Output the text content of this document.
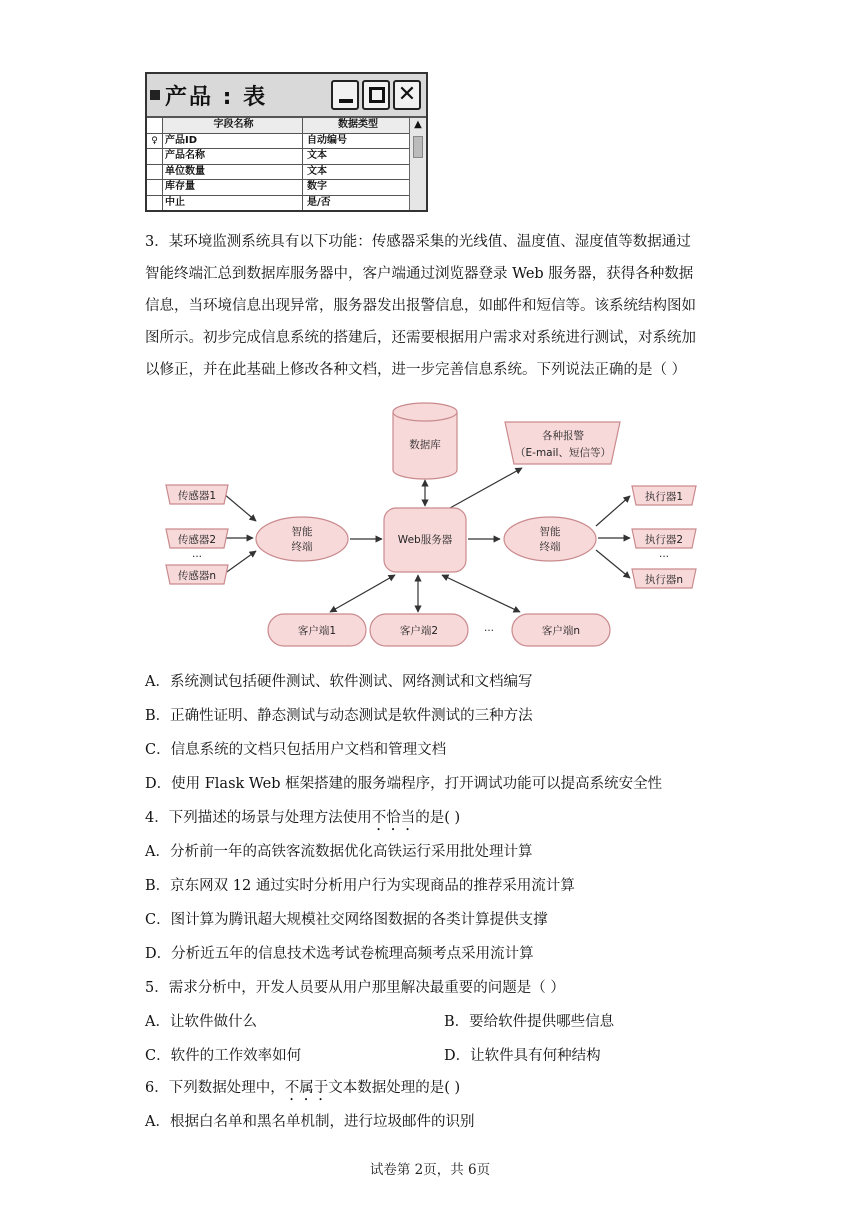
产品 : 表	✕
字段名称	数据类型
♀ 产品ID	自动编号
产品名称	文本
单位数量	文本
库存量	数字
中止	是/否
▲
3．某环境监测系统具有以下功能：传感器采集的光线值、温度值、湿度值等数据通过
智能终端汇总到数据库服务器中，客户端通过浏览器登录 Web 服务器，获得各种数据
信息，当环境信息出现异常，服务器发出报警信息，如邮件和短信等。该系统结构图如
图所示。初步完成信息系统的搭建后，还需要根据用户需求对系统进行测试，对系统加
以修正，并在此基础上修改各种文档，进一步完善信息系统。下列说法正确的是（ ）
数据库
各种报警
（E-mail、短信等）
传感器1
传感器2
···
传感器n
智能
终端
Web服务器
智能
终端
执行器1
执行器2
···
执行器n
客户端1	客户端2	···	客户端n
A．系统测试包括硬件测试、软件测试、网络测试和文档编写
B．正确性证明、静态测试与动态测试是软件测试的三种方法
C．信息系统的文档只包括用户文档和管理文档
D．使用 Flask Web 框架搭建的服务端程序，打开调试功能可以提高系统安全性
4．下列描述的场景与处理方法使用不恰当的是( )
A．分析前一年的高铁客流数据优化高铁运行采用批处理计算
B．京东网双 12 通过实时分析用户行为实现商品的推荐采用流计算
C．图计算为腾讯超大规模社交网络图数据的各类计算提供支撑
D．分析近五年的信息技术选考试卷梳理高频考点采用流计算
5．需求分析中，开发人员要从用户那里解决最重要的问题是（ ）
A．让软件做什么	B．要给软件提供哪些信息
C．软件的工作效率如何	D．让软件具有何种结构
6．下列数据处理中，不属于文本数据处理的是( )
A．根据白名单和黑名单机制，进行垃圾邮件的识别
试卷第 2页，共 6页
